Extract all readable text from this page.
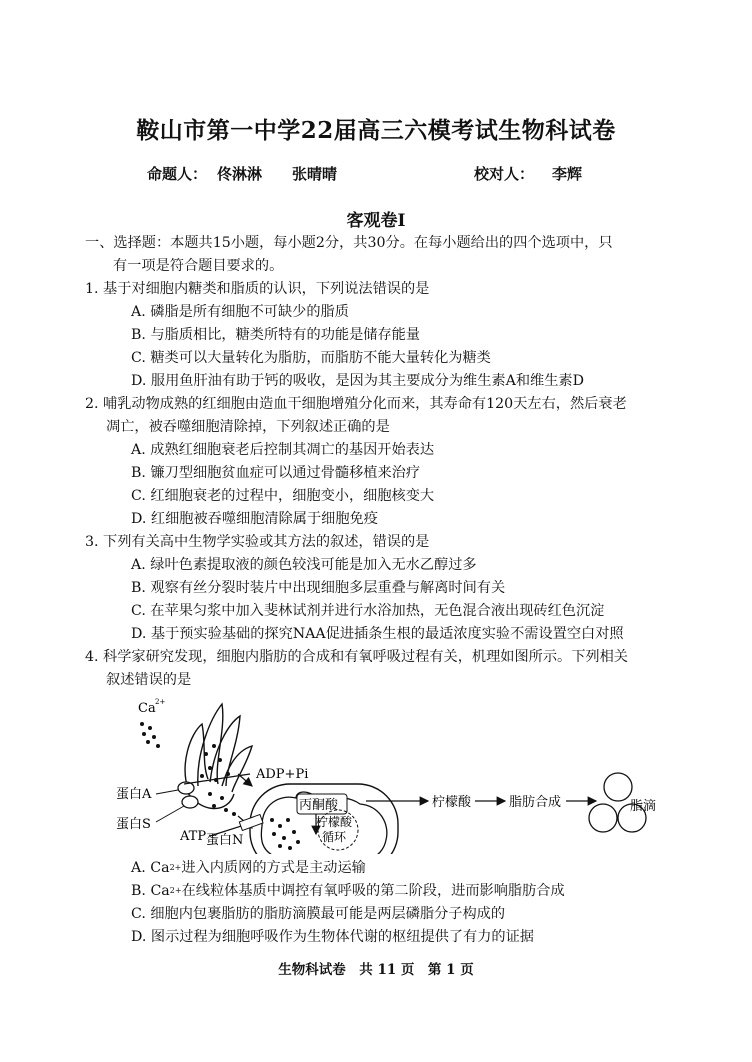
鞍山市第一中学22届高三六模考试生物科试卷
命题人： 佟淋淋　　张晴晴	校对人： 李辉
客观卷Ⅰ
一、选择题：本题共15小题，每小题2分，共30分。在每小题给出的四个选项中，只
有一项是符合题目要求的。
1. 基于对细胞内糖类和脂质的认识，下列说法错误的是
A. 磷脂是所有细胞不可缺少的脂质
B. 与脂质相比，糖类所特有的功能是储存能量
C. 糖类可以大量转化为脂肪，而脂肪不能大量转化为糖类
D. 服用鱼肝油有助于钙的吸收，是因为其主要成分为维生素A和维生素D
2. 哺乳动物成熟的红细胞由造血干细胞增殖分化而来，其寿命有120天左右，然后衰老
凋亡，被吞噬细胞清除掉，下列叙述正确的是
A. 成熟红细胞衰老后控制其凋亡的基因开始表达
B. 镰刀型细胞贫血症可以通过骨髓移植来治疗
C. 红细胞衰老的过程中，细胞变小，细胞核变大
D. 红细胞被吞噬细胞清除属于细胞免疫
3. 下列有关高中生物学实验或其方法的叙述，错误的是
A. 绿叶色素提取液的颜色较浅可能是加入无水乙醇过多
B. 观察有丝分裂时装片中出现细胞多层重叠与解离时间有关
C. 在苹果匀浆中加入斐林试剂并进行水浴加热，无色混合液出现砖红色沉淀
D. 基于预实验基础的探究NAA促进插条生根的最适浓度实验不需设置空白对照
4. 科学家研究发现，细胞内脂肪的合成和有氧呼吸过程有关，机理如图所示。下列相关
叙述错误的是
Ca 2+
ADP+Pi
蛋白A
蛋白S
丙酮酸
柠檬酸
循环
ATP 蛋白N
柠檬酸	脂肪合成	脂滴
A. $Ca^{2+}$进入内质网的方式是主动运输
B. $Ca^{2+}$在线粒体基质中调控有氧呼吸的第二阶段，进而影响脂肪合成
C. 细胞内包裹脂肪的脂肪滴膜最可能是两层磷脂分子构成的
D. 图示过程为细胞呼吸作为生物体代谢的枢纽提供了有力的证据
生物科试卷　共 11 页　第 1 页
